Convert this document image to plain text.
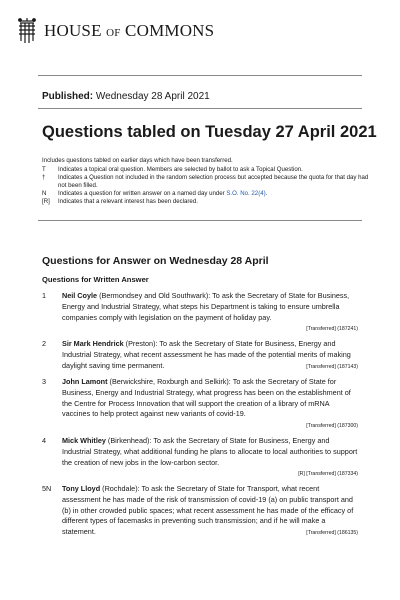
HOUSE OF COMMONS
Published: Wednesday 28 April 2021
Questions tabled on Tuesday 27 April 2021
Includes questions tabled on earlier days which have been transferred.
T	Indicates a topical oral question. Members are selected by ballot to ask a Topical Question.
†	Indicates a Question not included in the random selection process but accepted because the quota for that day had not been filled.
N	Indicates a question for written answer on a named day under S.O. No. 22(4).
[R]	Indicates that a relevant interest has been declared.
Questions for Answer on Wednesday 28 April
Questions for Written Answer
1 Neil Coyle (Bermondsey and Old Southwark): To ask the Secretary of State for Business, Energy and Industrial Strategy, what steps his Department is taking to ensure umbrella companies comply with legislation on the payment of holiday pay.

[Transferred] (187241)
2 Sir Mark Hendrick (Preston): To ask the Secretary of State for Business, Energy and Industrial Strategy, what recent assessment he has made of the potential merits of making daylight saving time permanent.	[Transferred] (187143)
3 John Lamont (Berwickshire, Roxburgh and Selkirk): To ask the Secretary of State for Business, Energy and Industrial Strategy, what progress has been on the establishment of the Centre for Process Innovation that will support the creation of a library of mRNA vaccines to help protect against new variants of covid-19.

[Transferred] (187300)
4 Mick Whitley (Birkenhead): To ask the Secretary of State for Business, Energy and Industrial Strategy, what additional funding he plans to allocate to local authorities to support the creation of new jobs in the low-carbon sector.

[R] [Transferred] (187334)
5N Tony Lloyd (Rochdale): To ask the Secretary of State for Transport, what recent assessment he has made of the risk of transmission of covid-19 (a) on public transport and (b) in other crowded public spaces; what recent assessment he has made of the efficacy of different types of facemasks in preventing such transmission; and if he will make a statement.	[Transferred] (186135)
